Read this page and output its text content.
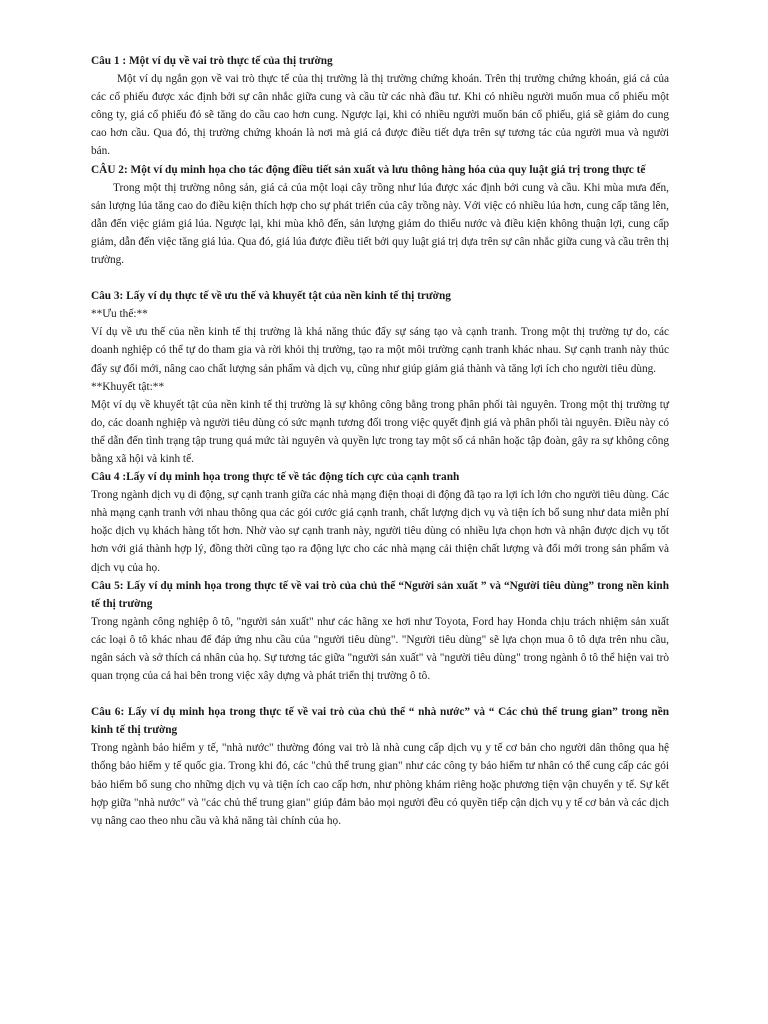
Câu 1 : Một ví dụ về vai trò thực tế của thị trường

Một ví dụ ngắn gọn về vai trò thực tế của thị trường là thị trường chứng khoán. Trên thị trường chứng khoán, giá cả của các cổ phiếu được xác định bởi sự cân nhắc giữa cung và cầu từ các nhà đầu tư. Khi có nhiều người muốn mua cổ phiếu một công ty, giá cổ phiếu đó sẽ tăng do cầu cao hơn cung. Ngược lại, khi có nhiều người muốn bán cổ phiếu, giá sẽ giảm do cung cao hơn cầu. Qua đó, thị trường chứng khoán là nơi mà giá cả được điều tiết dựa trên sự tương tác của người mua và người bán.

CÂU 2: Một ví dụ minh họa cho tác động điều tiết sản xuất và lưu thông hàng hóa của quy luật giá trị trong thực tế

Trong một thị trường nông sản, giá cả của một loại cây trồng như lúa được xác định bởi cung và cầu. Khi mùa mưa đến, sản lượng lúa tăng cao do điều kiện thích hợp cho sự phát triển của cây trồng này. Với việc có nhiều lúa hơn, cung cấp tăng lên, dẫn đến việc giảm giá lúa. Ngược lại, khi mùa khô đến, sản lượng giảm do thiếu nước và điều kiện không thuận lợi, cung cấp giảm, dẫn đến việc tăng giá lúa. Qua đó, giá lúa được điều tiết bởi quy luật giá trị dựa trên sự cân nhắc giữa cung và cầu trên thị trường.

Câu 3: Lấy ví dụ thực tế về ưu thế và khuyết tật của nền kinh tế thị trường

**Ưu thế:**

Ví dụ về ưu thế của nền kinh tế thị trường là khả năng thúc đẩy sự sáng tạo và cạnh tranh. Trong một thị trường tự do, các doanh nghiệp có thể tự do tham gia và rời khỏi thị trường, tạo ra một môi trường cạnh tranh khác nhau. Sự cạnh tranh này thúc đẩy sự đổi mới, nâng cao chất lượng sản phẩm và dịch vụ, cũng như giúp giảm giá thành và tăng lợi ích cho người tiêu dùng.

**Khuyết tật:**

Một ví dụ về khuyết tật của nền kinh tế thị trường là sự không công bằng trong phân phối tài nguyên. Trong một thị trường tự do, các doanh nghiệp và người tiêu dùng có sức mạnh tương đối trong việc quyết định giá và phân phối tài nguyên. Điều này có thể dẫn đến tình trạng tập trung quá mức tài nguyên và quyền lực trong tay một số cá nhân hoặc tập đoàn, gây ra sự không công bằng xã hội và kinh tế.

Câu 4 :Lấy ví dụ minh họa trong thực tế về tác động tích cực của cạnh tranh

Trong ngành dịch vụ di động, sự cạnh tranh giữa các nhà mạng điện thoại di động đã tạo ra lợi ích lớn cho người tiêu dùng. Các nhà mạng cạnh tranh với nhau thông qua các gói cước giá cạnh tranh, chất lượng dịch vụ và tiện ích bổ sung như data miễn phí hoặc dịch vụ khách hàng tốt hơn. Nhờ vào sự cạnh tranh này, người tiêu dùng có nhiều lựa chọn hơn và nhận được dịch vụ tốt hơn với giá thành hợp lý, đồng thời cũng tạo ra động lực cho các nhà mạng cải thiện chất lượng và đổi mới trong sản phẩm và dịch vụ của họ.

Câu 5: Lấy ví dụ minh họa trong thực tế về vai trò của chủ thể “Người sản xuất ” và “Người tiêu dùng” trong nền kinh tế thị trường

Trong ngành công nghiệp ô tô, "người sản xuất" như các hãng xe hơi như Toyota, Ford hay Honda chịu trách nhiệm sản xuất các loại ô tô khác nhau để đáp ứng nhu cầu của "người tiêu dùng". "Người tiêu dùng" sẽ lựa chọn mua ô tô dựa trên nhu cầu, ngân sách và sở thích cá nhân của họ. Sự tương tác giữa "người sản xuất" và "người tiêu dùng" trong ngành ô tô thể hiện vai trò quan trọng của cả hai bên trong việc xây dựng và phát triển thị trường ô tô.

Câu 6: Lấy ví dụ minh họa trong thực tế về vai trò của chủ thể “ nhà nước” và “ Các chủ thể trung gian” trong nền kinh tế thị trường

Trong ngành bảo hiểm y tế, "nhà nước" thường đóng vai trò là nhà cung cấp dịch vụ y tế cơ bản cho người dân thông qua hệ thống bảo hiểm y tế quốc gia. Trong khi đó, các "chủ thể trung gian" như các công ty bảo hiểm tư nhân có thể cung cấp các gói bảo hiểm bổ sung cho những dịch vụ và tiện ích cao cấp hơn, như phòng khám riêng hoặc phương tiện vận chuyển y tế. Sự kết hợp giữa "nhà nước" và "các chủ thể trung gian" giúp đảm bảo mọi người đều có quyền tiếp cận dịch vụ y tế cơ bản và các dịch vụ nâng cao theo nhu cầu và khả năng tài chính của họ.
